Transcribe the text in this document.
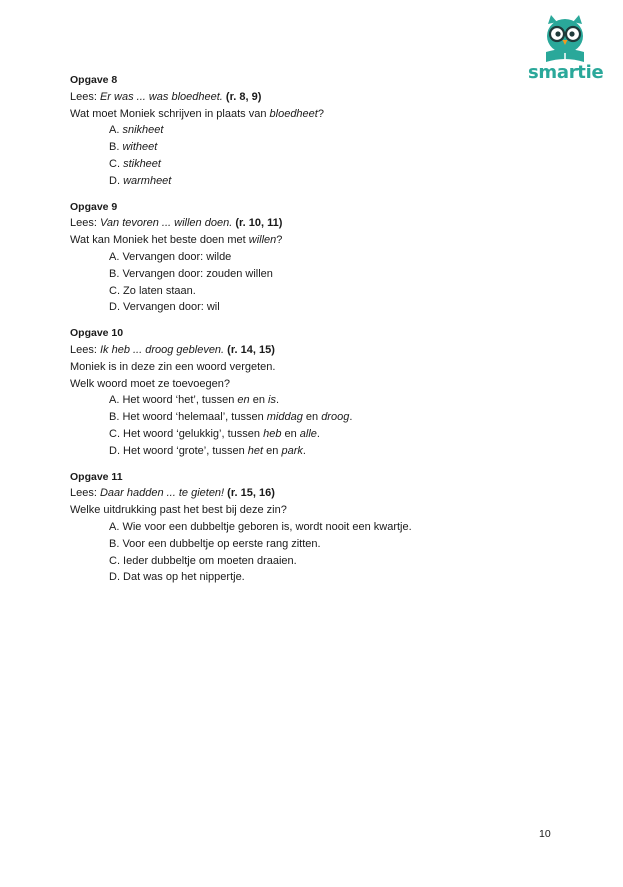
smartie
Opgave 8
Lees: Er was ... was bloedheet. (r. 8, 9)
Wat moet Moniek schrijven in plaats van bloedheet?
A. snikheet
B. witheet
C. stikheet
D. warmheet
Opgave 9
Lees: Van tevoren ... willen doen. (r. 10, 11)
Wat kan Moniek het beste doen met willen?
A. Vervangen door: wilde
B. Vervangen door: zouden willen
C. Zo laten staan.
D. Vervangen door: wil
Opgave 10
Lees: Ik heb ... droog gebleven. (r. 14, 15)
Moniek is in deze zin een woord vergeten.
Welk woord moet ze toevoegen?
A. Het woord ‘het’, tussen en en is.
B. Het woord ‘helemaal’, tussen middag en droog.
C. Het woord ‘gelukkig’, tussen heb en alle.
D. Het woord ‘grote’, tussen het en park.
Opgave 11
Lees: Daar hadden ... te gieten! (r. 15, 16)
Welke uitdrukking past het best bij deze zin?
A. Wie voor een dubbeltje geboren is, wordt nooit een kwartje.
B. Voor een dubbeltje op eerste rang zitten.
C. Ieder dubbeltje om moeten draaien.
D. Dat was op het nippertje.
10
